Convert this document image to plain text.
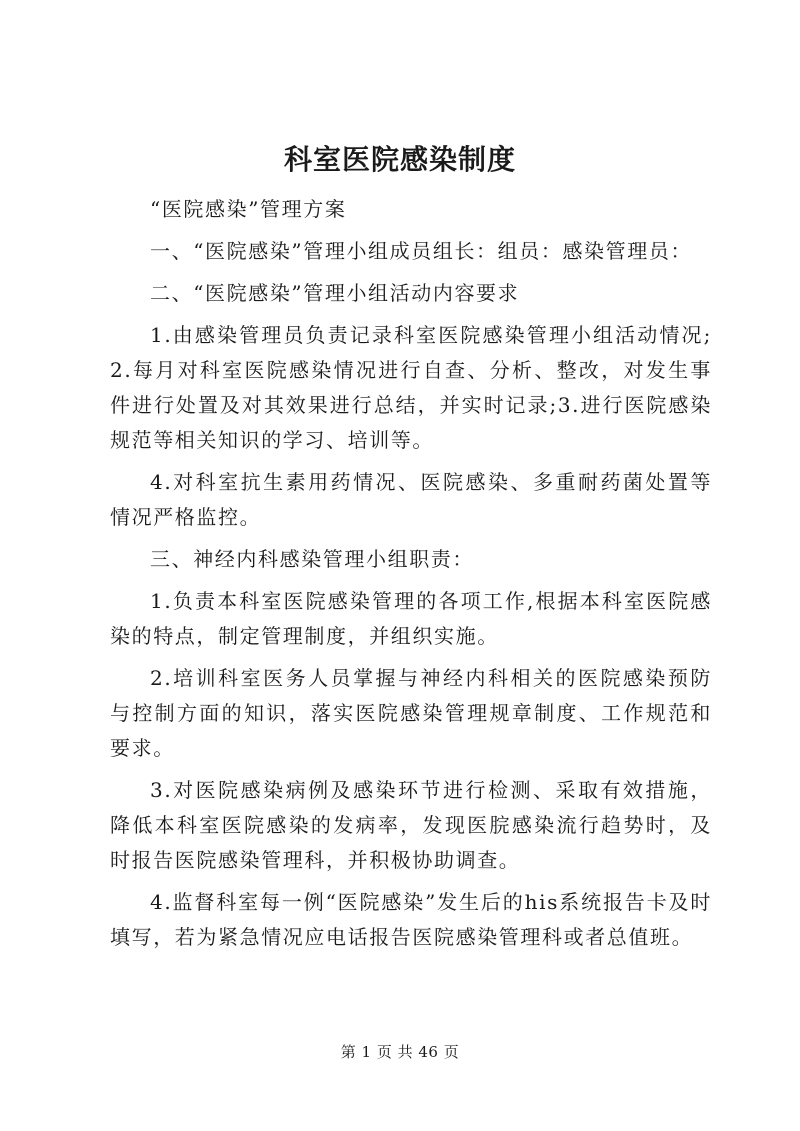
科室医院感染制度

“医院感染”管理方案

一、“医院感染”管理小组成员组长：组员：感染管理员：

二、“医院感染”管理小组活动内容要求

1.由感染管理员负责记录科室医院感染管理小组活动情况;2.每月对科室医院感染情况进行自查、分析、整改，对发生事件进行处置及对其效果进行总结，并实时记录;3.进行医院感染规范等相关知识的学习、培训等。

4.对科室抗生素用药情况、医院感染、多重耐药菌处置等情况严格监控。

三、神经内科感染管理小组职责：

1.负责本科室医院感染管理的各项工作,根据本科室医院感染的特点，制定管理制度，并组织实施。

2.培训科室医务人员掌握与神经内科相关的医院感染预防与控制方面的知识，落实医院感染管理规章制度、工作规范和要求。

3.对医院感染病例及感染环节进行检测、采取有效措施，降低本科室医院感染的发病率，发现医脘感染流行趋势时，及时报告医院感染管理科，并积极协助调查。

4.监督科室每一例“医院感染”发生后的his系统报告卡及时填写，若为紧急情况应电话报告医院感染管理科或者总值班。

第 1 页 共 46 页
